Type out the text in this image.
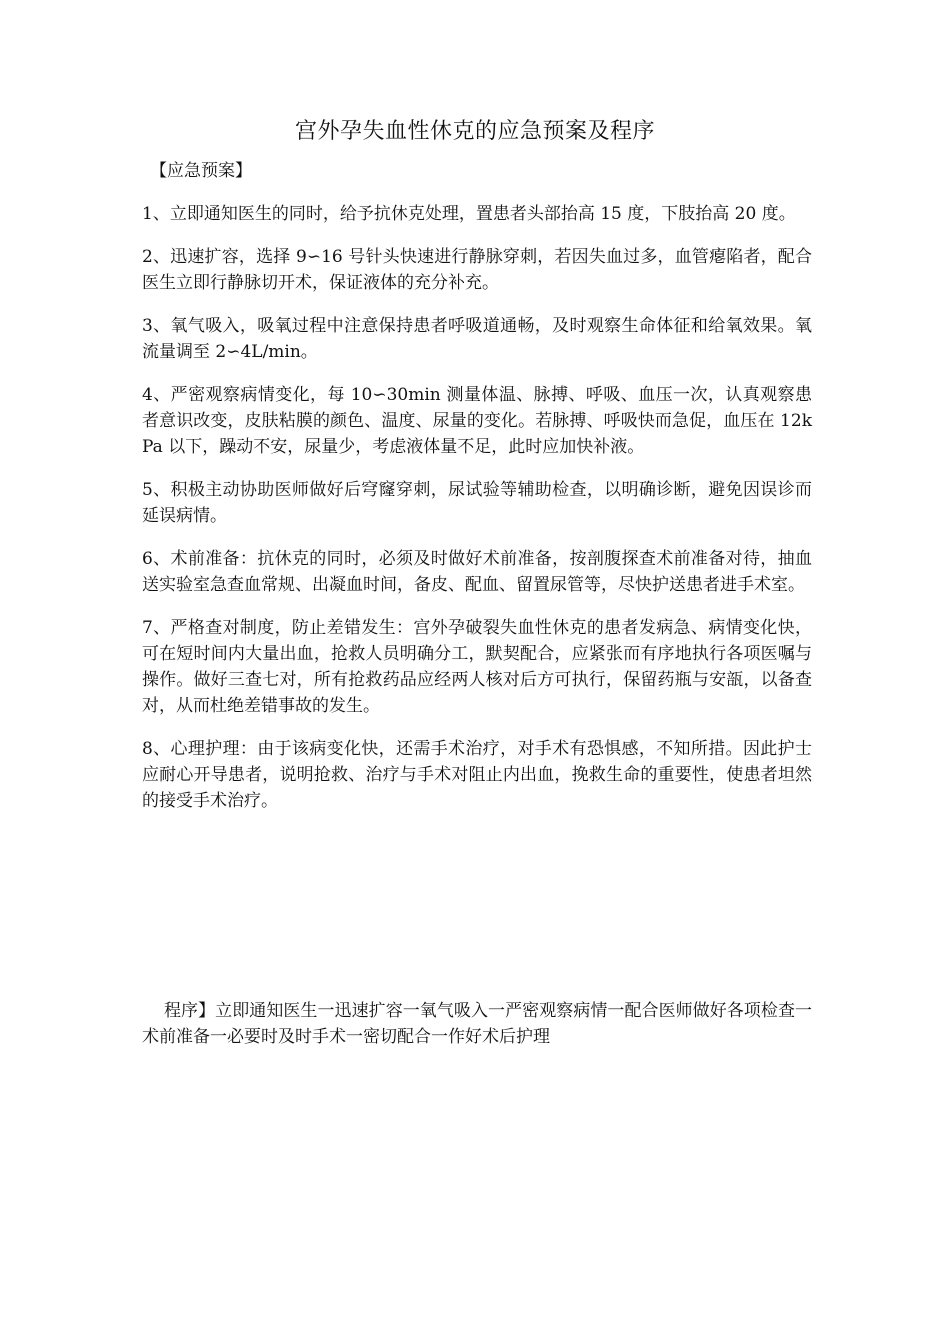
宫外孕失血性休克的应急预案及程序
【应急预案】

1、立即通知医生的同时，给予抗休克处理，置患者头部抬高 15 度，下肢抬高 20 度。

2、迅速扩容，选择 9∽16 号针头快速进行静脉穿刺，若因失血过多，血管瘪陷者，配合医生立即行静脉切开术，保证液体的充分补充。

3、氧气吸入，吸氧过程中注意保持患者呼吸道通畅，及时观察生命体征和给氧效果。氧流量调至 2∽4L/min。

4、严密观察病情变化，每 10∽30min 测量体温、脉搏、呼吸、血压一次，认真观察患者意识改变，皮肤粘膜的颜色、温度、尿量的变化。若脉搏、呼吸快而急促，血压在 12kPa 以下，躁动不安，尿量少，考虑液体量不足，此时应加快补液。

5、积极主动协助医师做好后穹窿穿刺，尿试验等辅助检查，以明确诊断，避免因误诊而延误病情。

6、术前准备：抗休克的同时，必须及时做好术前准备，按剖腹探查术前准备对待，抽血送实验室急查血常规、出凝血时间，备皮、配血、留置尿管等，尽快护送患者进手术室。

7、严格查对制度，防止差错发生：宫外孕破裂失血性休克的患者发病急、病情变化快，可在短时间内大量出血，抢救人员明确分工，默契配合，应紧张而有序地执行各项医嘱与操作。做好三查七对，所有抢救药品应经两人核对后方可执行，保留药瓶与安瓿，以备查对，从而杜绝差错事故的发生。

8、心理护理：由于该病变化快，还需手术治疗，对手术有恐惧感，不知所措。因此护士应耐心开导患者，说明抢救、治疗与手术对阻止内出血，挽救生命的重要性，使患者坦然的接受手术治疗。

程序】立即通知医生一迅速扩容一氧气吸入一严密观察病情一配合医师做好各项检查一术前准备一必要时及时手术一密切配合一作好术后护理
